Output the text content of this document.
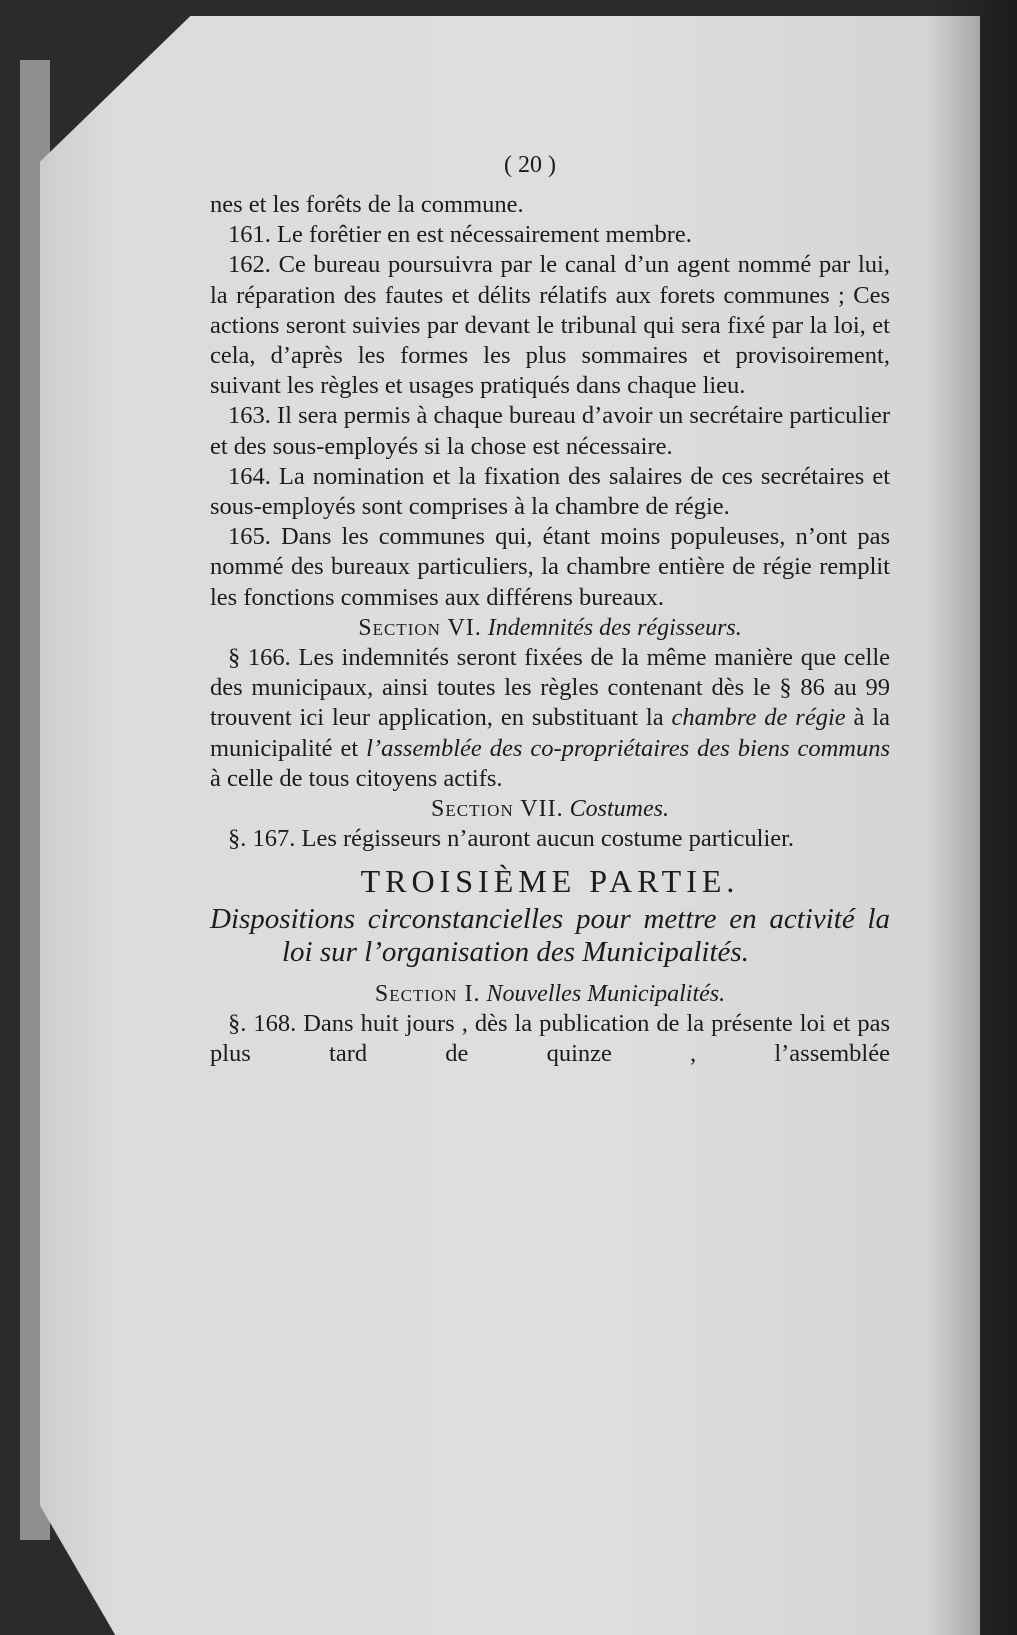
( 20 )

nes et les forêts de la commune.

161. Le forêtier en est nécessairement membre.

162. Ce bureau poursuivra par le canal d’un agent nommé par lui, la réparation des fautes et délits rélatifs aux forets communes ; Ces actions seront suivies par devant le tribunal qui sera fixé par la loi, et cela, d’après les formes les plus sommaires et provisoirement, suivant les règles et usages pratiqués dans chaque lieu.

163. Il sera permis à chaque bureau d’avoir un secrétaire particulier et des sous-employés si la chose est nécessaire.

164. La nomination et la fixation des salaires de ces secrétaires et sous-employés sont comprises à la chambre de régie.

165. Dans les communes qui, étant moins populeuses, n’ont pas nommé des bureaux particuliers, la chambre entière de régie remplit les fonctions commises aux différens bureaux.

Section VI. Indemnités des régisseurs.

§ 166. Les indemnités seront fixées de la même manière que celle des municipaux, ainsi toutes les règles contenant dès le § 86 au 99 trouvent ici leur application, en substituant la chambre de régie à la municipalité et l’assemblée des co-propriétaires des biens communs à celle de tous citoyens actifs.

Section VII. Costumes.

§. 167. Les régisseurs n’auront aucun costume particulier.

TROISIÈME PARTIE.

Dispositions circonstancielles pour mettre en activité la loi sur l’organisation des Municipalités.

Section I. Nouvelles Municipalités.

§. 168. Dans huit jours , dès la publication de la présente loi et pas plus tard de quinze , l’assemblée
